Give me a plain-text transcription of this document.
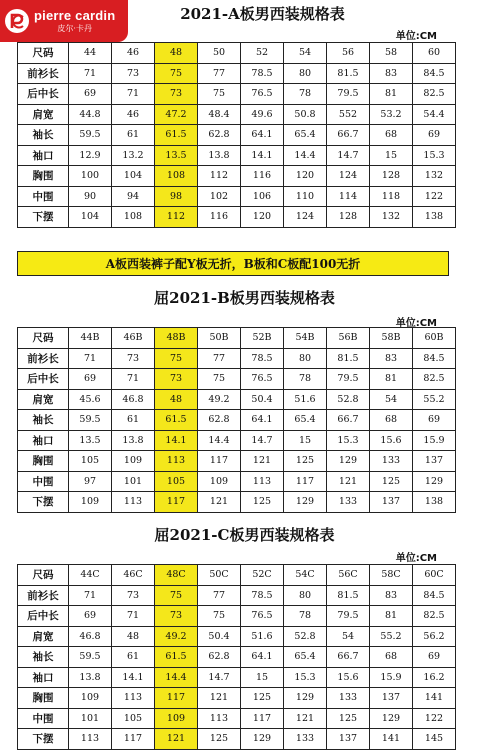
pierre cardin
皮尔·卡丹
2021-A板男西装规格表
单位:CM
尺码	44	46	48	50	52	54	56	58	60
前衫长	71	73	75	77	78.5	80	81.5	83	84.5
后中长	69	71	73	75	76.5	78	79.5	81	82.5
肩宽	44.8	46	47.2	48.4	49.6	50.8	552	53.2	54.4
袖长	59.5	61	61.5	62.8	64.1	65.4	66.7	68	69
袖口	12.9	13.2	13.5	13.8	14.1	14.4	14.7	15	15.3
胸围	100	104	108	112	116	120	124	128	132
中围	90	94	98	102	106	110	114	118	122
下摆	104	108	112	116	120	124	128	132	138
A板西装裤子配Y板无折，B板和C板配100无折
屈2021-B板男西装规格表
单位:CM
尺码	44B	46B	48B	50B	52B	54B	56B	58B	60B
前衫长	71	73	75	77	78.5	80	81.5	83	84.5
后中长	69	71	73	75	76.5	78	79.5	81	82.5
肩宽	45.6	46.8	48	49.2	50.4	51.6	52.8	54	55.2
袖长	59.5	61	61.5	62.8	64.1	65.4	66.7	68	69
袖口	13.5	13.8	14.1	14.4	14.7	15	15.3	15.6	15.9
胸围	105	109	113	117	121	125	129	133	137
中围	97	101	105	109	113	117	121	125	129
下摆	109	113	117	121	125	129	133	137	138
屈2021-C板男西装规格表
单位:CM
尺码	44C	46C	48C	50C	52C	54C	56C	58C	60C
前衫长	71	73	75	77	78.5	80	81.5	83	84.5
后中长	69	71	73	75	76.5	78	79.5	81	82.5
肩宽	46.8	48	49.2	50.4	51.6	52.8	54	55.2	56.2
袖长	59.5	61	61.5	62.8	64.1	65.4	66.7	68	69
袖口	13.8	14.1	14.4	14.7	15	15.3	15.6	15.9	16.2
胸围	109	113	117	121	125	129	133	137	141
中围	101	105	109	113	117	121	125	129	122
下摆	113	117	121	125	129	133	137	141	145
